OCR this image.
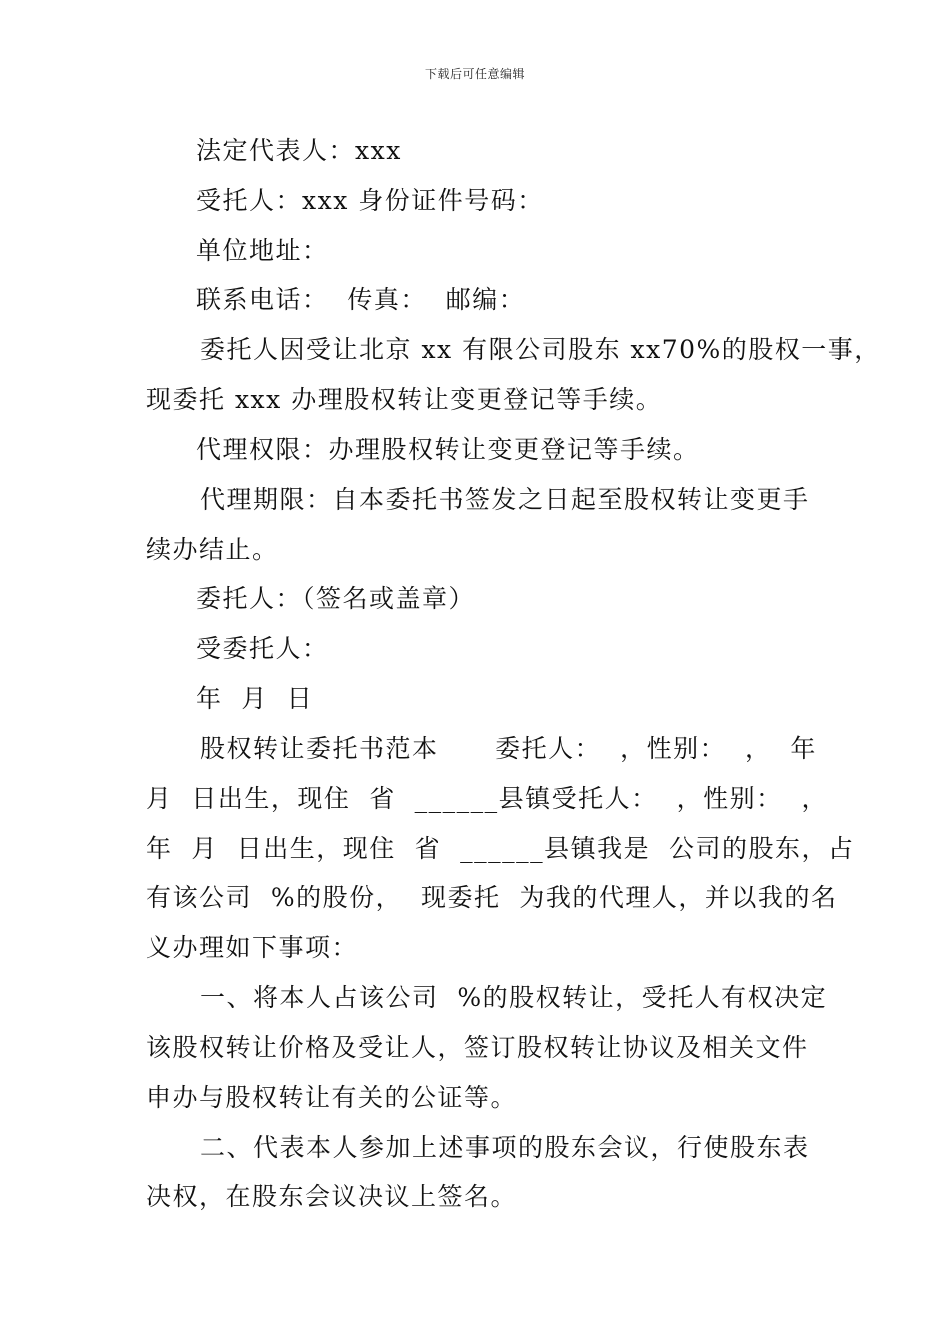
下载后可任意编辑

法定代表人：xxx

受托人：xxx 身份证件号码：

单位地址：

联系电话：  传真：  邮编：

委托人因受让北京 xx 有限公司股东 xx70%的股权一事，

现委托 xxx 办理股权转让变更登记等手续。

代理权限：办理股权转让变更登记等手续。

代理期限：自本委托书签发之日起至股权转让变更手

续办结止。

委托人：（签名或盖章）

受委托人：

年  月  日

股权转让委托书范本      委托人：  ，性别：  ，  年

月  日出生，现住  省  ______县镇受托人：  ，性别：  ，

年  月  日出生，现住  省  ______县镇我是  公司的股东，占

有该公司  %的股份，  现委托  为我的代理人，并以我的名

义办理如下事项：

一、将本人占该公司  %的股权转让，受托人有权决定

该股权转让价格及受让人，签订股权转让协议及相关文件

申办与股权转让有关的公证等。

二、代表本人参加上述事项的股东会议，行使股东表

决权，在股东会议决议上签名。
